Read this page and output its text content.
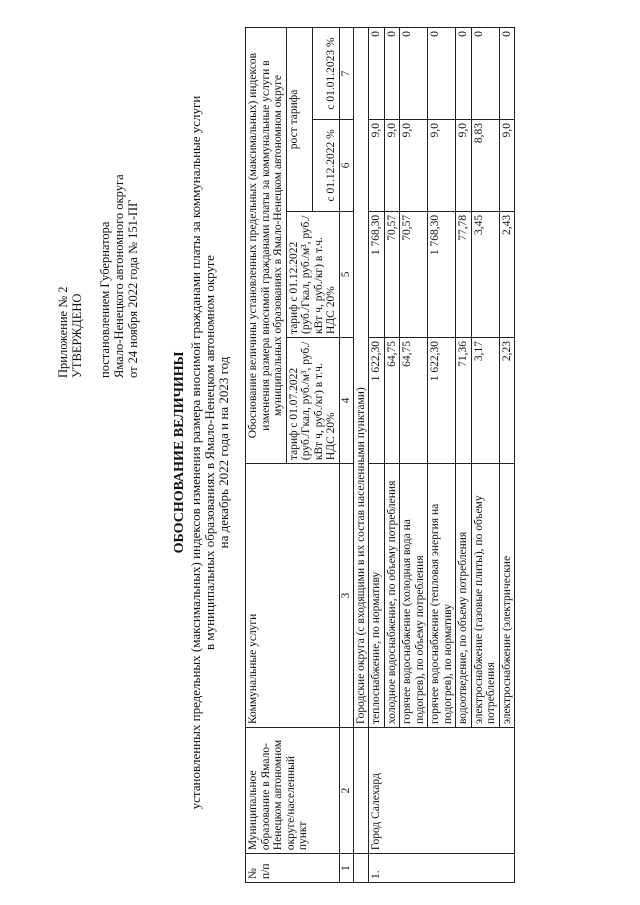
Приложение № 2 УТВЕРЖДЕНО постановлением Губернатора Ямало-Ненецкого автономного округа от 24 ноября 2022 года № 151-ПГ
ОБОСНОВАНИЕ ВЕЛИЧИНЫ установленных предельных (максимальных) индексов изменения размера вносимой гражданами платы за коммунальные услуги в муниципальных образованиях в Ямало-Ненецком автономном округе на декабрь 2022 года и на 2023 год
№ п/п	Муниципальное образование в Ямало-Ненецком автономном округе/населенный пункт	Коммунальные услуги	Обоснование величины установленных предельных (максимальных) индексов изменения размера вносимой гражданами платы за коммунальные услуги в муниципальных образованиях в Ямало-Ненецком автономном округе			
			тариф с 01.07.2022 (руб./Гкал, руб./м³, руб./кВт ч, руб./кг) в т.ч. НДС 20%	тариф с 01.12.2022 (руб./Гкал, руб./м³, руб./кВт ч, руб./кг) в т.ч. НДС 20%	рост тарифа	
					с 01.12.2022 %	с 01.01.2023 %
1	2	3	4	5	6	7
		Городские округа (с входящими в их состав населенными пунктами)				
1.	Город Салехард	теплоснабжение, по нормативу	1 622,30	1 768,30	9,0	0
		холодное водоснабжение, по объему потребления	64,75	70,57	9,0	0
		горячее водоснабжение (холодная вода на подогрев), по объему потребления	64,75	70,57	9,0	0
		горячее водоснабжение (тепловая энергия на подогрев), по нормативу	1 622,30	1 768,30	9,0	0
		водоотведение, по объему потребления	71,36	77,78	9,0	0
		электроснабжение (газовые плиты), по объему потребления	3,17	3,45	8,83	0
		электроснабжение (электрические	2,23	2,43	9,0	0
